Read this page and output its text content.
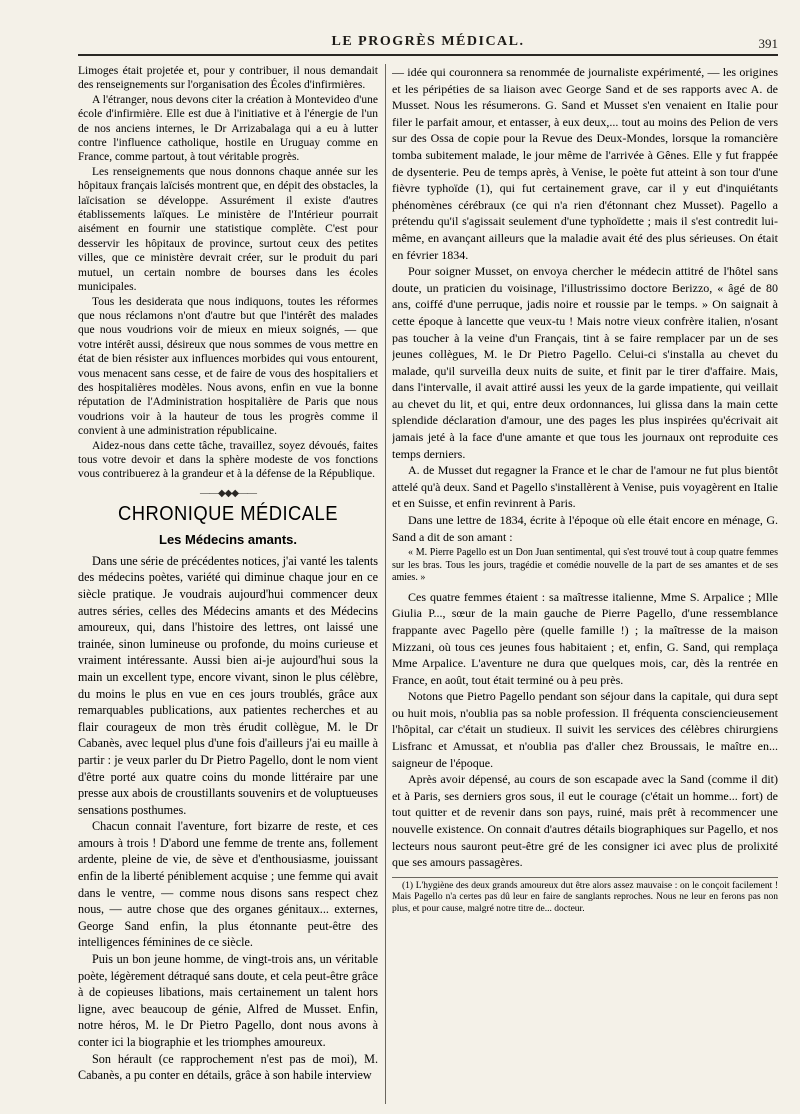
LE PROGRÈS MÉDICAL.	391

Limoges était projetée et, pour y contribuer, il nous demandait des renseignements sur l'organisation des Écoles d'infirmières.

A l'étranger, nous devons citer la création à Montevideo d'une école d'infirmière. Elle est due à l'initiative et à l'énergie de l'un de nos anciens internes, le Dr Arrizabalaga qui a eu à lutter contre l'influence catholique, hostile en Uruguay comme en France, comme partout, à tout véritable progrès.

Les renseignements que nous donnons chaque année sur les hôpitaux français laïcisés montrent que, en dépit des obstacles, la laïcisation se développe. Assurément il existe d'autres établissements laïques. Le ministère de l'Intérieur pourrait aisément en fournir une statistique complète. C'est pour desservir les hôpitaux de province, surtout ceux des petites villes, que ce ministère devrait créer, sur le produit du pari mutuel, un certain nombre de bourses dans les écoles municipales.

Tous les desiderata que nous indiquons, toutes les réformes que nous réclamons n'ont d'autre but que l'intérêt des malades que nous voudrions voir de mieux en mieux soignés, — que votre intérêt aussi, désireux que nous sommes de vous mettre en état de bien résister aux influences morbides qui vous entourent, vous menacent sans cesse, et de faire de vous des hospitaliers et des hospitalières modèles. Nous avons, enfin en vue la bonne réputation de l'Administration hospitalière de Paris que nous voudrions voir à la hauteur de tous les progrès comme il convient à une administration républicaine.

Aidez-nous dans cette tâche, travaillez, soyez dévoués, faites tous votre devoir et dans la sphère modeste de vos fonctions vous contribuerez à la grandeur et à la défense de la République.

——◆◆◆——
CHRONIQUE MÉDICALE
Les Médecins amants.

Dans une série de précédentes notices, j'ai vanté les talents des médecins poètes, variété qui diminue chaque jour en ce siècle pratique. Je voudrais aujourd'hui commencer deux autres séries, celles des Médecins amants et des Médecins amoureux, qui, dans l'histoire des lettres, ont laissé une trainée, sinon lumineuse ou profonde, du moins curieuse et vraiment intéressante. Aussi bien ai-je aujourd'hui sous la main un excellent type, encore vivant, sinon le plus célèbre, du moins le plus en vue en ces jours troublés, grâce aux remarquables publications, aux patientes recherches et au flair courageux de mon très érudit collègue, M. le Dr Cabanès, avec lequel plus d'une fois d'ailleurs j'ai eu maille à partir : je veux parler du Dr Pietro Pagello, dont le nom vient d'être porté aux quatre coins du monde littéraire par une presse aux abois de croustillants souvenirs et de voluptueuses sensations posthumes.

Chacun connait l'aventure, fort bizarre de reste, et ces amours à trois ! D'abord une femme de trente ans, follement ardente, pleine de vie, de sève et d'enthousiasme, jouissant enfin de la liberté péniblement acquise ; une femme qui avait dans le ventre, — comme nous disons sans respect chez nous, — autre chose que des organes génitaux... externes, George Sand enfin, la plus étonnante peut-être des intelligences féminines de ce siècle.

Puis un bon jeune homme, de vingt-trois ans, un véritable poète, légèrement détraqué sans doute, et cela peut-être grâce à de copieuses libations, mais certainement un talent hors ligne, avec beaucoup de génie, Alfred de Musset. Enfin, notre héros, M. le Dr Pietro Pagello, dont nous avons à conter ici la biographie et les triomphes amoureux.

Son hérault (ce rapprochement n'est pas de moi), M. Cabanès, a pu conter en détails, grâce à son habile interview

— idée qui couronnera sa renommée de journaliste expérimenté, — les origines et les péripéties de sa liaison avec George Sand et de ses rapports avec A. de Musset. Nous les résumerons. G. Sand et Musset s'en venaient en Italie pour filer le parfait amour, et entasser, à eux deux,... tout au moins des Pelion de vers sur des Ossa de copie pour la Revue des Deux-Mondes, lorsque la romancière tomba subitement malade, le jour même de l'arrivée à Gênes. Elle y fut frappée de dysenterie. Peu de temps après, à Venise, le poète fut atteint à son tour d'une fièvre typhoïde (1), qui fut certainement grave, car il y eut d'inquiétants phénomènes cérébraux (ce qui n'a rien d'étonnant chez Musset). Pagello a prétendu qu'il s'agissait seulement d'une typhoïdette ; mais il s'est contredit lui-même, en avançant ailleurs que la maladie avait été des plus sérieuses. On était en février 1834.

Pour soigner Musset, on envoya chercher le médecin attitré de l'hôtel sans doute, un praticien du voisinage, l'illustrissimo doctore Berizzo, « âgé de 80 ans, coiffé d'une perruque, jadis noire et roussie par le temps. » On saignait à cette époque à lancette que veux-tu ! Mais notre vieux confrère italien, n'osant pas toucher à la veine d'un Français, tint à se faire remplacer par un de ses jeunes collègues, M. le Dr Pietro Pagello. Celui-ci s'installa au chevet du malade, qu'il surveilla deux nuits de suite, et finit par le tirer d'affaire. Mais, dans l'intervalle, il avait attiré aussi les yeux de la garde impatiente, qui veillait au chevet du lit, et qui, entre deux ordonnances, lui glissa dans la main cette splendide déclaration d'amour, une des pages les plus inspirées qu'écrivait ait jamais jeté à la face d'une amante et que tous les journaux ont reproduite ces temps derniers.

A. de Musset dut regagner la France et le char de l'amour ne fut plus bientôt attelé qu'à deux. Sand et Pagello s'installèrent à Venise, puis voyagèrent en Italie et en Suisse, et enfin revinrent à Paris.

Dans une lettre de 1834, écrite à l'époque où elle était encore en ménage, G. Sand a dit de son amant :

« M. Pierre Pagello est un Don Juan sentimental, qui s'est trouvé tout à coup quatre femmes sur les bras. Tous les jours, tragédie et comédie nouvelle de la part de ses amantes et de ses amies. »

Ces quatre femmes étaient : sa maîtresse italienne, Mme S. Arpalice ; Mlle Giulia P..., sœur de la main gauche de Pierre Pagello, d'une ressemblance frappante avec Pagello père (quelle famille !) ; la maîtresse de la maison Mizzani, où tous ces jeunes fous habitaient ; et, enfin, G. Sand, qui remplaça Mme Arpalice. L'aventure ne dura que quelques mois, car, dès la rentrée en France, en août, tout était terminé ou à peu près.

Notons que Pietro Pagello pendant son séjour dans la capitale, qui dura sept ou huit mois, n'oublia pas sa noble profession. Il fréquenta consciencieusement l'hôpital, car c'était un studieux. Il suivit les services des célèbres chirurgiens Lisfranc et Amussat, et n'oublia pas d'aller chez Broussais, le maître en... saigneur de l'époque.

Après avoir dépensé, au cours de son escapade avec la Sand (comme il dit) et à Paris, ses derniers gros sous, il eut le courage (c'était un homme... fort) de tout quitter et de revenir dans son pays, ruiné, mais prêt à recommencer une nouvelle existence. On connait d'autres détails biographiques sur Pagello, et nos lecteurs nous sauront peut-être gré de les consigner ici avec plus de prolixité que ses amours passagères.

(1) L'hygiène des deux grands amoureux dut être alors assez mauvaise : on le conçoit facilement ! Mais Pagello n'a certes pas dû leur en faire de sanglants reproches. Nous ne leur en ferons pas non plus, et pour cause, malgré notre titre de... docteur.
